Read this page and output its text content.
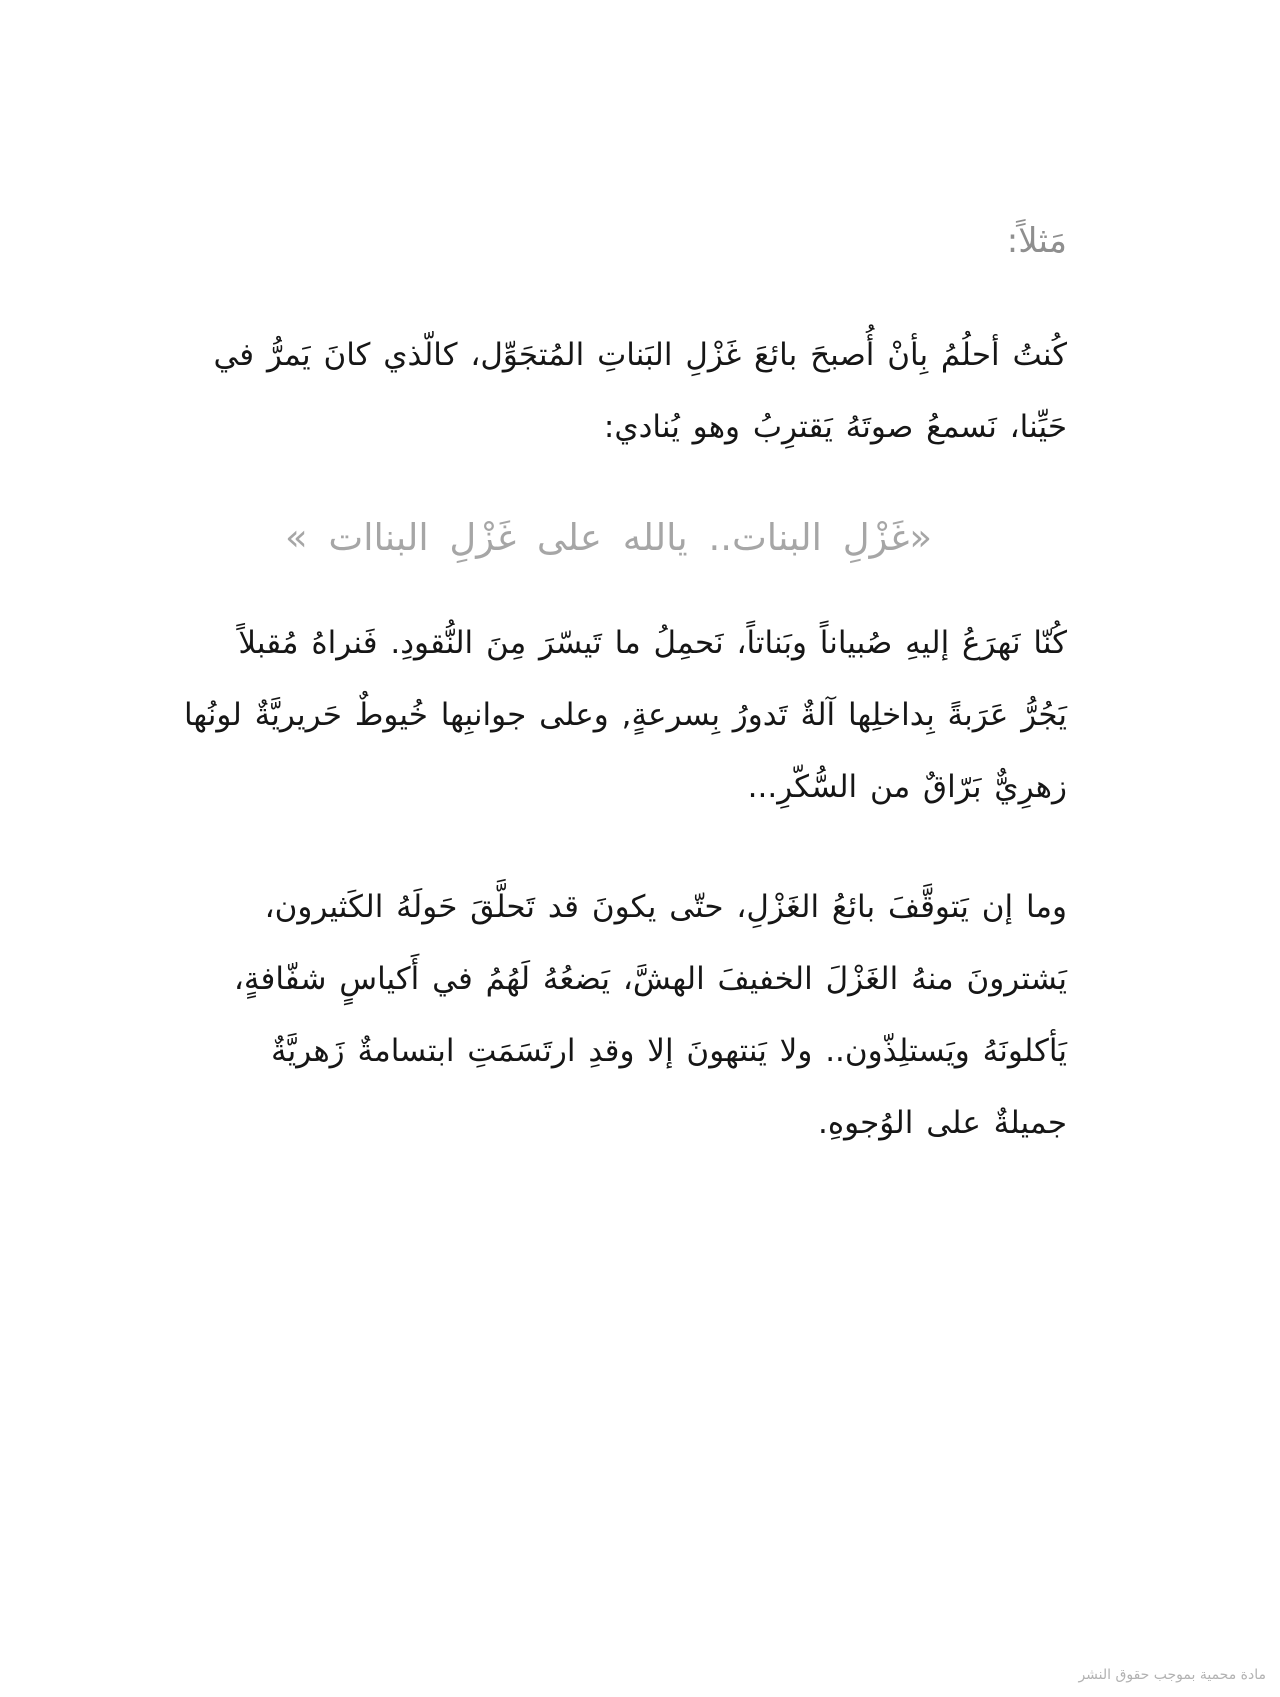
مَثلاً:
كُنتُ أحلُمُ بِأنْ أُصبحَ بائعَ غَزْلِ البَناتِ المُتجَوِّل، كالّذي كانَ يَمرُّ في
حَيِّنا، نَسمعُ صوتَهُ يَقترِبُ وهو يُنادي:
«غَزْلِ البنات.. يالله على غَزْلِ البناات »
كُنّا نَهرَعُ إليهِ صُبياناً وبَناتاً، نَحمِلُ ما تَيسّرَ مِنَ النُّقودِ. فَنراهُ مُقبلاً
يَجُرُّ عَرَبةً بِداخلِها آلةٌ تَدورُ بِسرعةٍ, وعلى جوانبِها خُيوطٌ حَريريَّةٌ لونُها
زهرِيٌّ بَرّاقٌ من السُّكّرِ...
وما إن يَتوقَّفَ بائعُ الغَزْلِ، حتّى يكونَ قد تَحلَّقَ حَولَهُ الكَثيرون،
يَشترونَ منهُ الغَزْلَ الخفيفَ الهشَّ، يَضعُهُ لَهُمُ في أَكياسٍ شفّافةٍ،
يَأكلونَهُ ويَستلِذّون.. ولا يَنتهونَ إلا وقدِ ارتَسَمَتِ ابتسامةٌ زَهريَّةٌ
جميلةٌ على الوُجوهِ.
مادة محمية بموجب حقوق النشر
